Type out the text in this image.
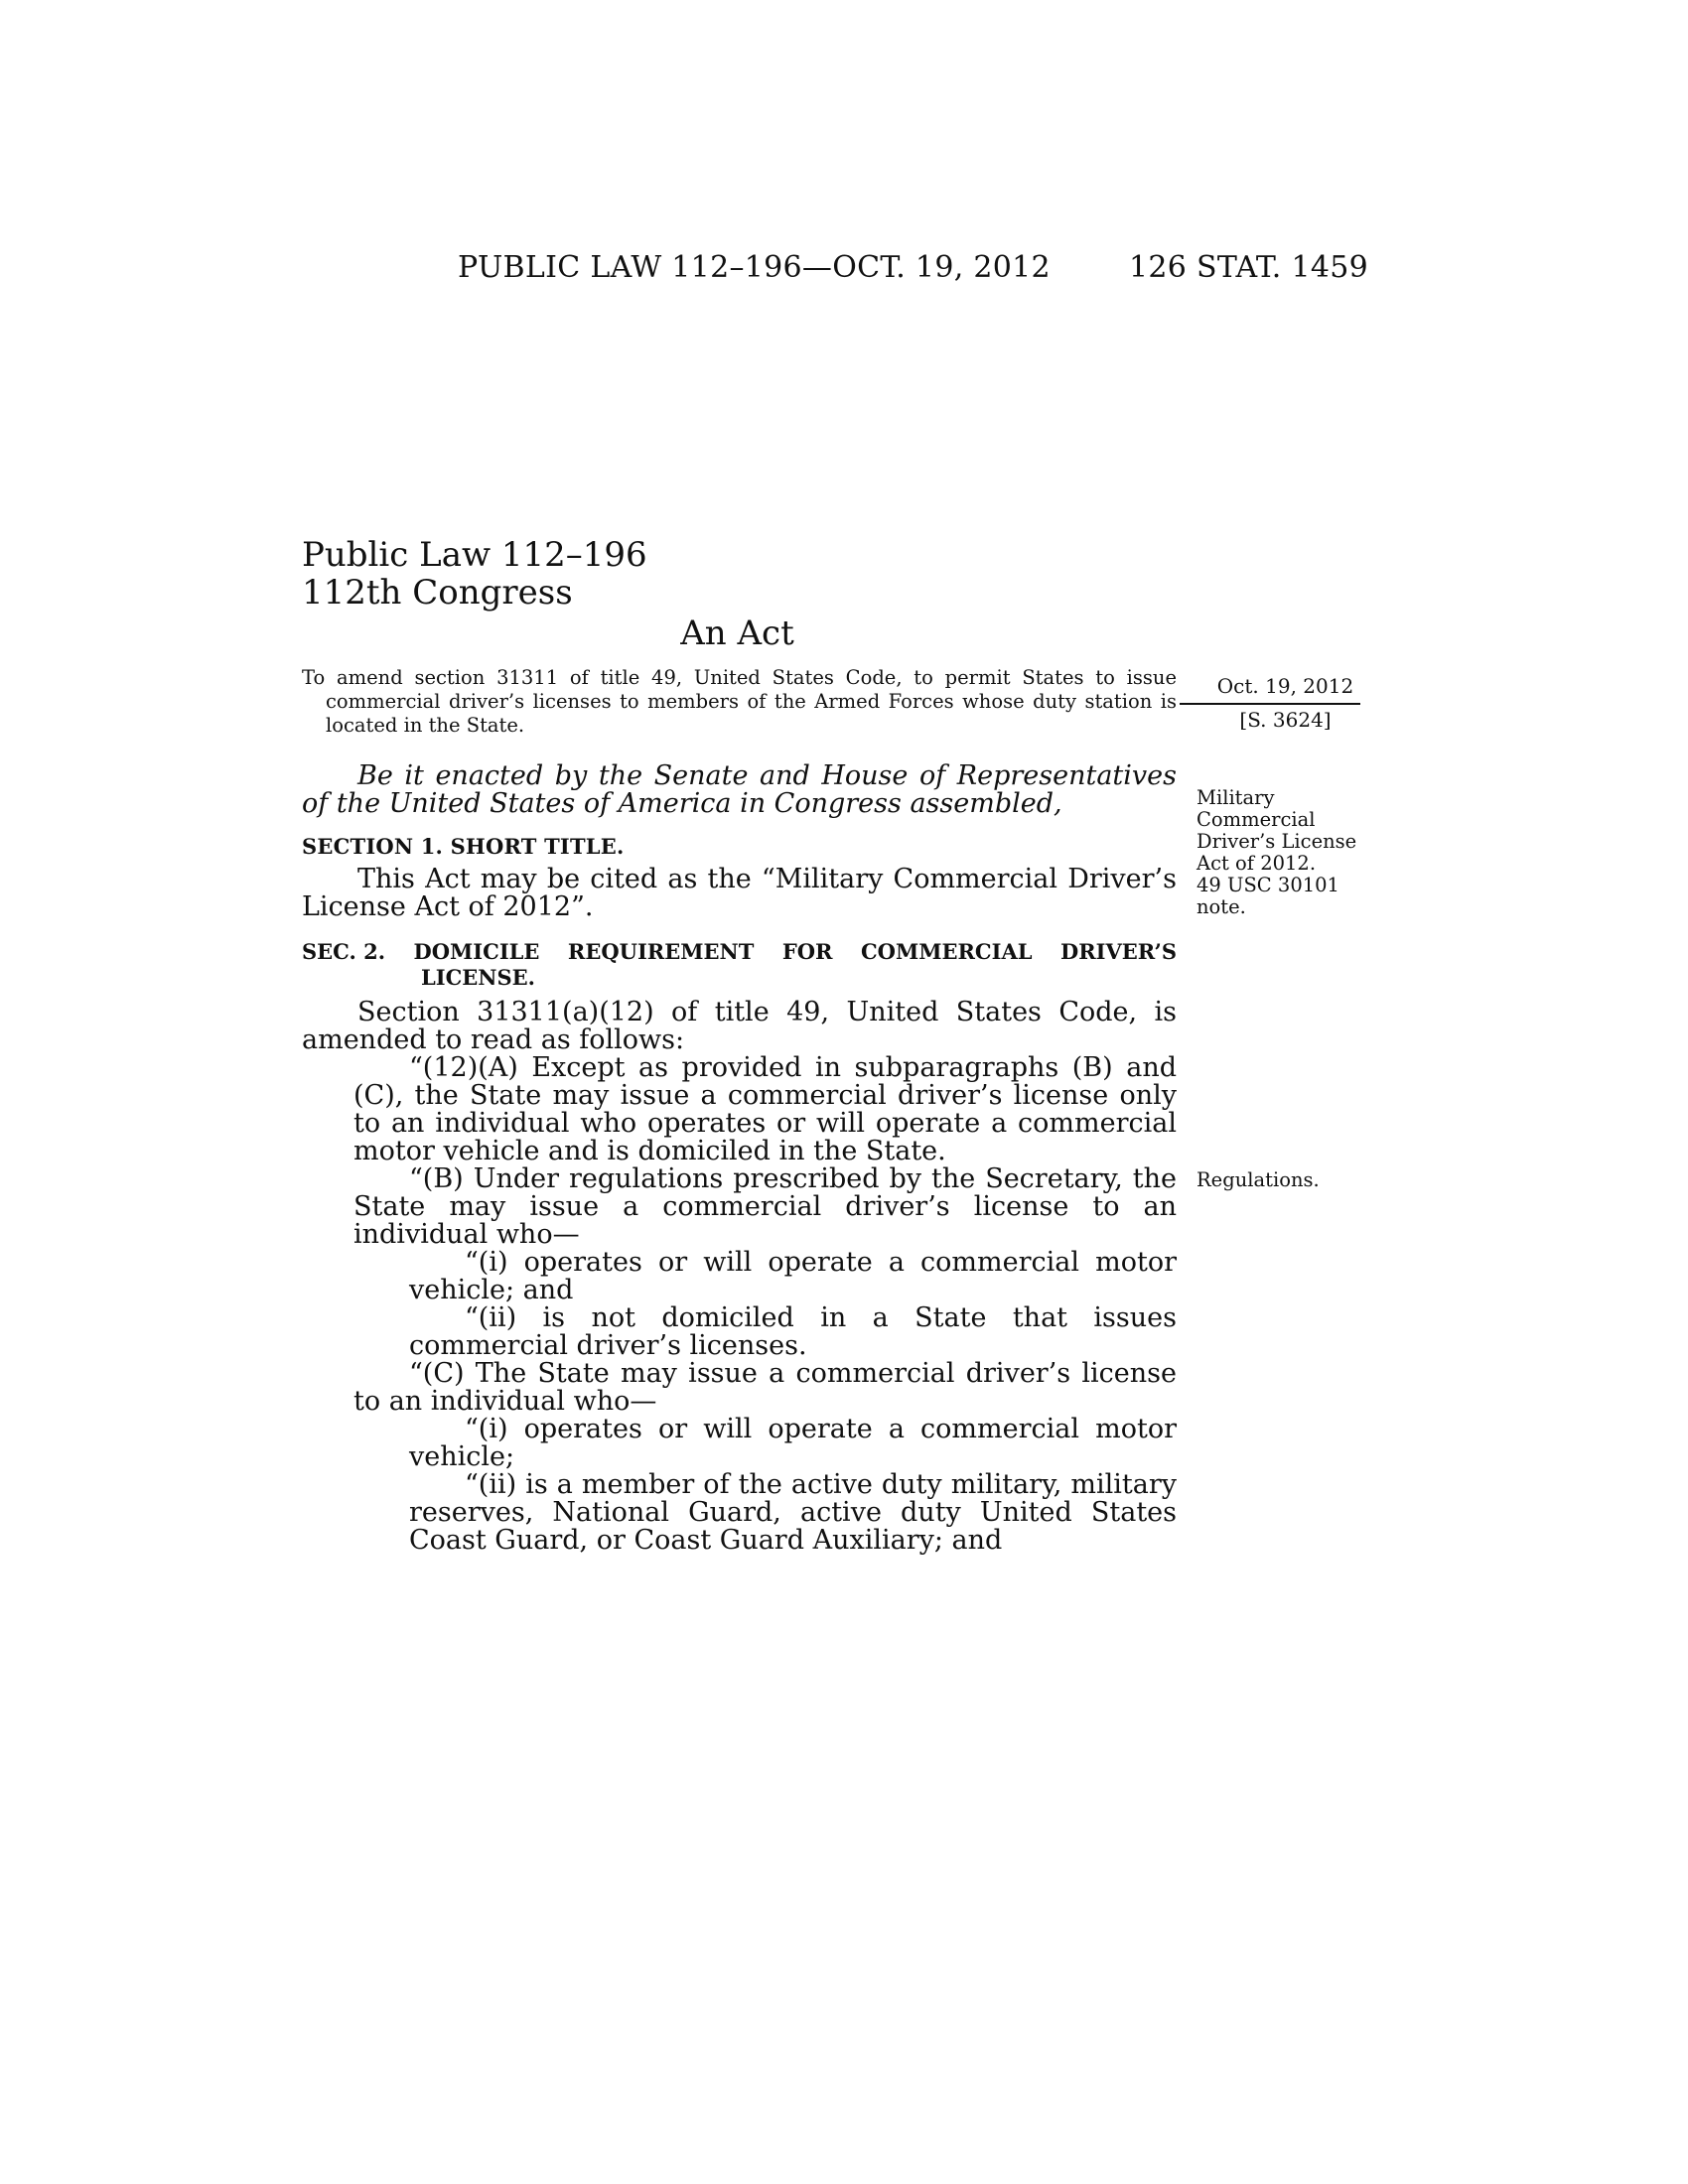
PUBLIC LAW 112–196—OCT. 19, 2012	126 STAT. 1459
Public Law 112–196
112th Congress
An Act

To amend section 31311 of title 49, United States Code, to permit States to issue commercial driver’s licenses to members of the Armed Forces whose duty station is located in the State.

Oct. 19, 2012
[S. 3624]

Be it enacted by the Senate and House of Representatives of the United States of America in Congress assembled,	Military
Commercial
Driver’s License
Act of 2012.
49 USC 30101
note.
SECTION 1. SHORT TITLE.

This Act may be cited as the “Military Commercial Driver’s License Act of 2012”.

SEC. 2. DOMICILE REQUIREMENT FOR COMMERCIAL DRIVER’S
LICENSE.

Section 31311(a)(12) of title 49, United States Code, is amended to read as follows:

“(12)(A) Except as provided in subparagraphs (B) and (C), the State may issue a commercial driver’s license only to an individual who operates or will operate a commercial motor vehicle and is domiciled in the State.

“(B) Under regulations prescribed by the Secretary, the State may issue a commercial driver’s license to an individual who—

“(i) operates or will operate a commercial motor vehicle; and

“(ii) is not domiciled in a State that issues commercial driver’s licenses.

“(C) The State may issue a commercial driver’s license to an individual who—

“(i) operates or will operate a commercial motor vehicle;

“(ii) is a member of the active duty military, military reserves, National Guard, active duty United States Coast Guard, or Coast Guard Auxiliary; and

Regulations.
